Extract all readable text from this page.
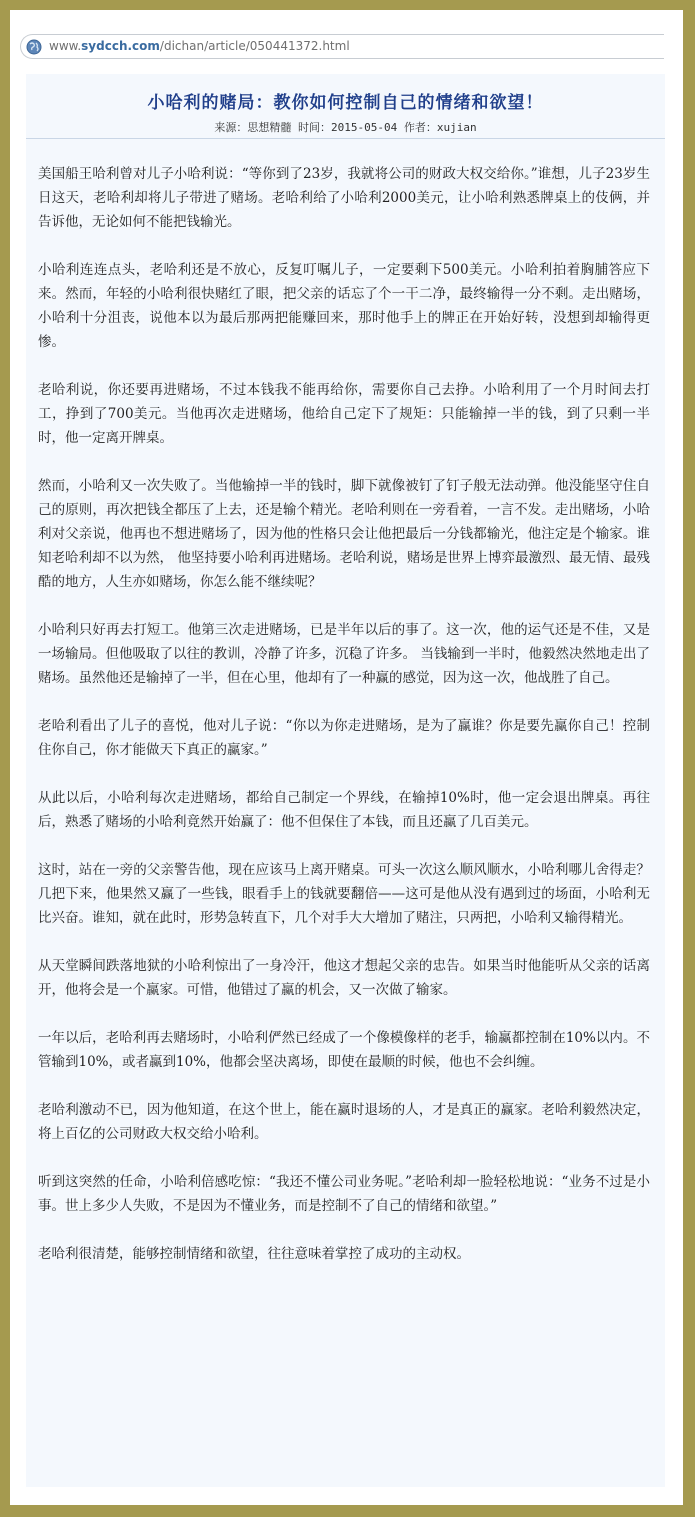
www.sydcch.com/dichan/article/050441372.html
小哈利的赌局：教你如何控制自己的情绪和欲望！
来源：思想精髓 时间：2015-05-04 作者：xujian

美国船王哈利曾对儿子小哈利说：“等你到了23岁，我就将公司的财政大权交给你。”谁想，儿子23岁生日这天，老哈利却将儿子带进了赌场。老哈利给了小哈利2000美元，让小哈利熟悉牌桌上的伎俩，并告诉他，无论如何不能把钱输光。

小哈利连连点头，老哈利还是不放心，反复叮嘱儿子，一定要剩下500美元。小哈利拍着胸脯答应下来。然而，年轻的小哈利很快赌红了眼，把父亲的话忘了个一干二净，最终输得一分不剩。走出赌场，小哈利十分沮丧，说他本以为最后那两把能赚回来，那时他手上的牌正在开始好转，没想到却输得更惨。

老哈利说，你还要再进赌场，不过本钱我不能再给你，需要你自己去挣。小哈利用了一个月时间去打工，挣到了700美元。当他再次走进赌场，他给自己定下了规矩：只能输掉一半的钱，到了只剩一半时，他一定离开牌桌。

然而，小哈利又一次失败了。当他输掉一半的钱时，脚下就像被钉了钉子般无法动弹。他没能坚守住自己的原则，再次把钱全都压了上去，还是输个精光。老哈利则在一旁看着，一言不发。走出赌场，小哈利对父亲说，他再也不想进赌场了，因为他的性格只会让他把最后一分钱都输光，他注定是个输家。谁知老哈利却不以为然， 他坚持要小哈利再进赌场。老哈利说，赌场是世界上博弈最激烈、最无情、最残酷的地方，人生亦如赌场，你怎么能不继续呢？

小哈利只好再去打短工。他第三次走进赌场，已是半年以后的事了。这一次，他的运气还是不佳，又是一场输局。但他吸取了以往的教训，冷静了许多，沉稳了许多。 当钱输到一半时，他毅然决然地走出了赌场。虽然他还是输掉了一半，但在心里，他却有了一种赢的感觉，因为这一次，他战胜了自己。

老哈利看出了儿子的喜悦，他对儿子说：“你以为你走进赌场，是为了赢谁？你是要先赢你自己！控制住你自己，你才能做天下真正的赢家。”

从此以后，小哈利每次走进赌场，都给自己制定一个界线，在输掉10%时，他一定会退出牌桌。再往后，熟悉了赌场的小哈利竟然开始赢了：他不但保住了本钱，而且还赢了几百美元。

这时，站在一旁的父亲警告他，现在应该马上离开赌桌。可头一次这么顺风顺水，小哈利哪儿舍得走？几把下来，他果然又赢了一些钱，眼看手上的钱就要翻倍——这可是他从没有遇到过的场面，小哈利无比兴奋。谁知，就在此时，形势急转直下，几个对手大大增加了赌注，只两把，小哈利又输得精光。

从天堂瞬间跌落地狱的小哈利惊出了一身冷汗，他这才想起父亲的忠告。如果当时他能听从父亲的话离开，他将会是一个赢家。可惜，他错过了赢的机会，又一次做了输家。

一年以后，老哈利再去赌场时，小哈利俨然已经成了一个像模像样的老手，输赢都控制在10%以内。不管输到10%，或者赢到10%，他都会坚决离场，即使在最顺的时候，他也不会纠缠。

老哈利激动不已，因为他知道，在这个世上，能在赢时退场的人，才是真正的赢家。老哈利毅然决定，将上百亿的公司财政大权交给小哈利。

听到这突然的任命，小哈利倍感吃惊：“我还不懂公司业务呢。”老哈利却一脸轻松地说：“业务不过是小事。世上多少人失败，不是因为不懂业务，而是控制不了自己的情绪和欲望。”

老哈利很清楚，能够控制情绪和欲望，往往意味着掌控了成功的主动权。
